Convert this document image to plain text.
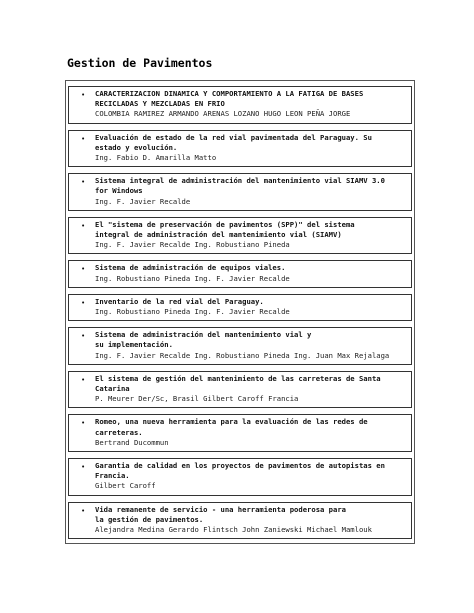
Gestion de Pavimentos
• CARACTERIZACION DINAMICA Y COMPORTAMIENTO A LA FATIGA DE BASES
RECICLADAS Y MEZCLADAS EN FRIO
COLOMBIA RAMIREZ ARMANDO ARENAS LOZANO HUGO LEON PEÑA JORGE
• Evaluación de estado de la red vial pavimentada del Paraguay. Su
estado y evolución.
Ing. Fabio D. Amarilla Matto
• Sistema integral de administración del mantenimiento vial SIAMV 3.0
for Windows
Ing. F. Javier Recalde
• El "sistema de preservación de pavimentos (SPP)" del sistema
integral de administración del mantenimiento vial (SIAMV)
Ing. F. Javier Recalde Ing. Robustiano Pineda
• Sistema de administración de equipos viales.
Ing. Robustiano Pineda Ing. F. Javier Recalde
• Inventario de la red vial del Paraguay.
Ing. Robustiano Pineda Ing. F. Javier Recalde
• Sistema de administración del mantenimiento vial y
su implementación.
Ing. F. Javier Recalde Ing. Robustiano Pineda Ing. Juan Max Rejalaga
• El sistema de gestión del mantenimiento de las carreteras de Santa
Catarina
P. Meurer Der/Sc, Brasil Gilbert Caroff Francia
• Romeo, una nueva herramienta para la evaluación de las redes de
carreteras.
Bertrand Ducommun
• Garantia de calidad en los proyectos de pavimentos de autopistas en
Francia.
Gilbert Caroff
• Vida remanente de servicio - una herramienta poderosa para
la gestión de pavimentos.
Alejandra Medina Gerardo Flintsch John Zaniewski Michael Mamlouk
